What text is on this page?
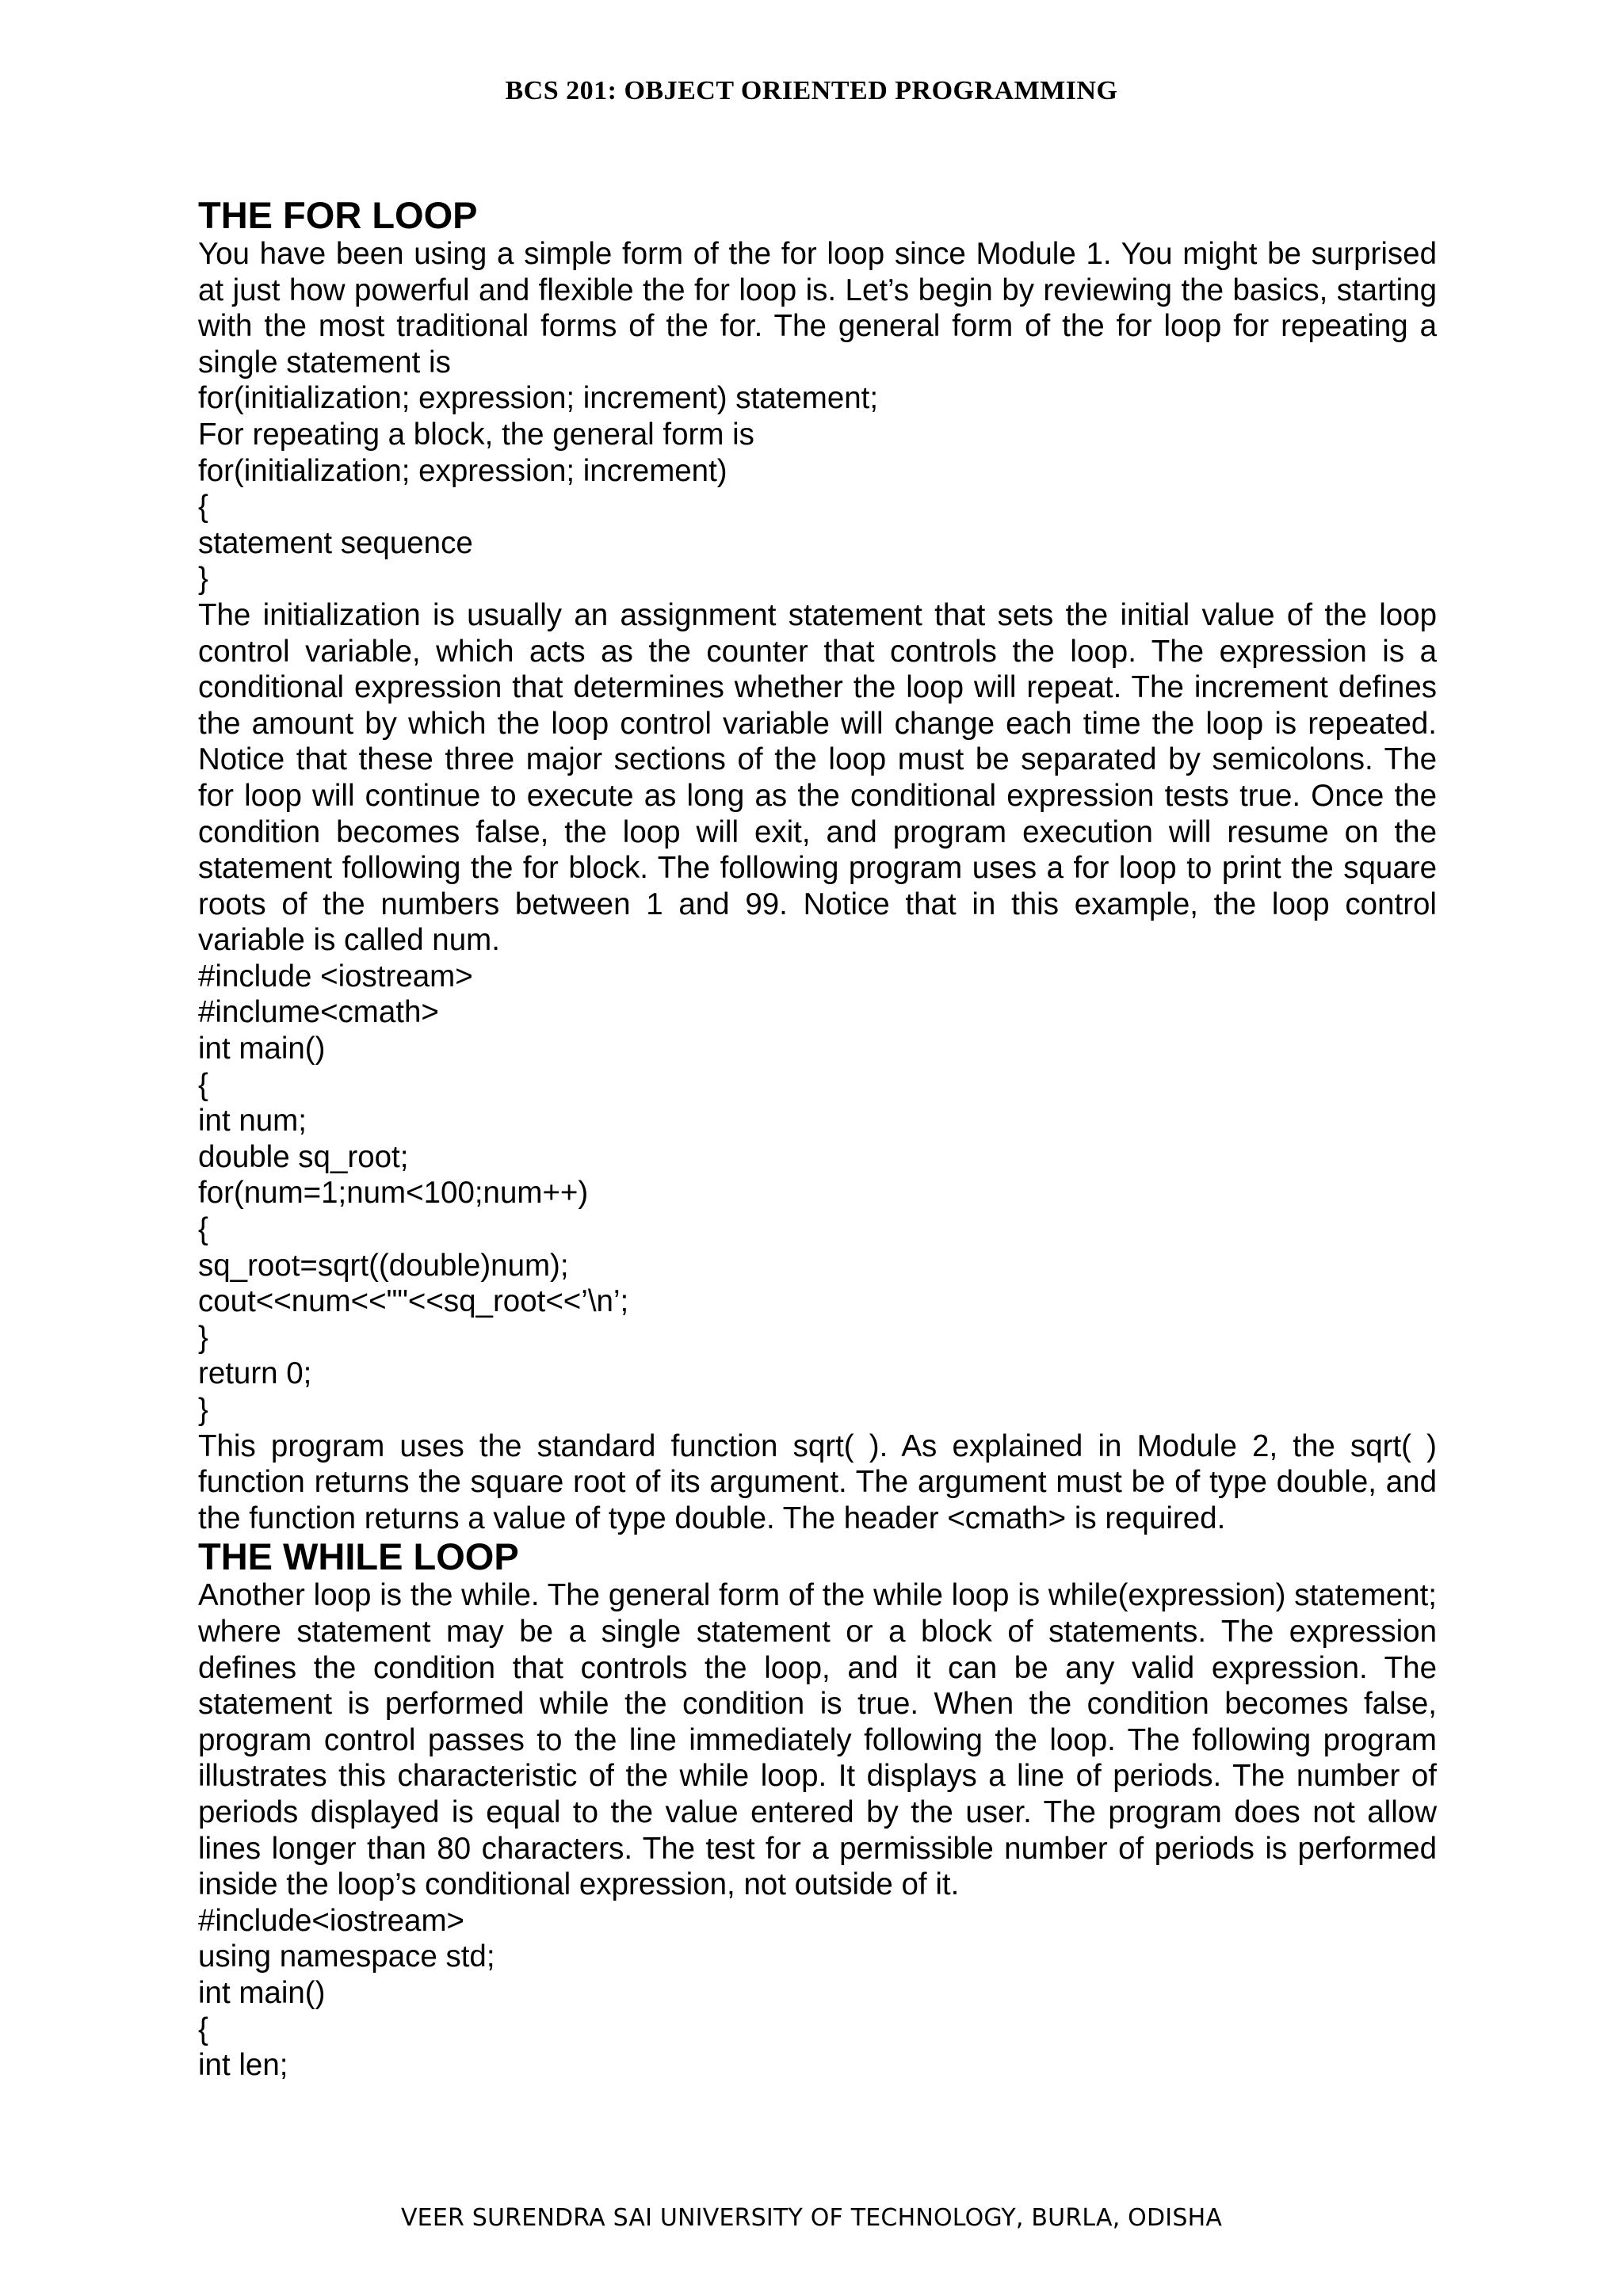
BCS 201: OBJECT ORIENTED PROGRAMMING
THE FOR LOOP
You have been using a simple form of the for loop since Module 1. You might be surprised at just how powerful and flexible the for loop is. Let’s begin by reviewing the basics, starting with the most traditional forms of the for. The general form of the for loop for repeating a single statement is
for(initialization; expression; increment) statement;
For repeating a block, the general form is
for(initialization; expression; increment)
{
statement sequence
}
The initialization is usually an assignment statement that sets the initial value of the loop control variable, which acts as the counter that controls the loop. The expression is a conditional expression that determines whether the loop will repeat. The increment defines the amount by which the loop control variable will change each time the loop is repeated. Notice that these three major sections of the loop must be separated by semicolons. The for loop will continue to execute as long as the conditional expression tests true. Once the condition becomes false, the loop will exit, and program execution will resume on the statement following the for block. The following program uses a for loop to print the square roots of the numbers between 1 and 99. Notice that in this example, the loop control variable is called num.
#include <iostream>
#inclume<cmath>
int main()
{
int num;
double sq_root;
for(num=1;num<100;num++)
{
sq_root=sqrt((double)num);
cout<<num<<""<<sq_root<<’\n’;
}
return 0;
}
This program uses the standard function sqrt( ). As explained in Module 2, the sqrt( ) function returns the square root of its argument. The argument must be of type double, and the function returns a value of type double. The header <cmath> is required.
THE WHILE LOOP
Another loop is the while. The general form of the while loop is while(expression) statement; where statement may be a single statement or a block of statements. The expression defines the condition that controls the loop, and it can be any valid expression. The statement is performed while the condition is true. When the condition becomes false, program control passes to the line immediately following the loop. The following program illustrates this characteristic of the while loop. It displays a line of periods. The number of periods displayed is equal to the value entered by the user. The program does not allow lines longer than 80 characters. The test for a permissible number of periods is performed inside the loop’s conditional expression, not outside of it.
#include<iostream>
using namespace std;
int main()
{
int len;
VEER SURENDRA SAI UNIVERSITY OF TECHNOLOGY, BURLA, ODISHA
